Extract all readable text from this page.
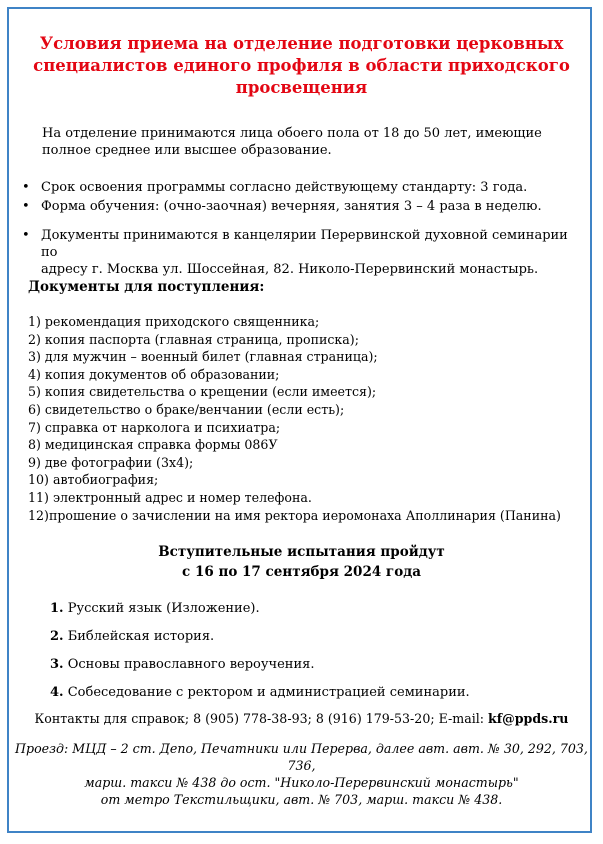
Условия приема на отделение подготовки церковных
специалистов единого профиля в области приходского
просвещения
На отделение принимаются лица обоего пола от 18 до 50 лет, имеющие
полное среднее или высшее образование.
• Срок освоения программы согласно действующему стандарту: 3 года.
• Форма обучения: (очно-заочная) вечерняя, занятия 3 – 4 раза в неделю.
• Документы принимаются в канцелярии Перервинской духовной семинарии по
адресу г. Москва ул. Шоссейная, 82. Николо-Перервинский монастырь.
Документы для поступления:
1) рекомендация приходского священника;
2) копия паспорта (главная страница, прописка);
3) для мужчин – военный билет (главная страница);
4) копия документов об образовании;
5) копия свидетельства о крещении (если имеется);
6) свидетельство о браке/венчании (если есть);
7) справка от нарколога и психиатра;
8) медицинская справка формы 086У
9) две фотографии (3х4);
10) автобиография;
11) электронный адрес и номер телефона.
12)прошение о зачислении на имя ректора иеромонаха Аполлинария (Панина)
Вступительные испытания пройдут
с 16 по 17 сентября 2024 года
1. Русский язык (Изложение).
2. Библейская история.
3. Основы православного вероучения.
4. Собеседование с ректором и администрацией семинарии.
Контакты для справок; 8 (905) 778-38-93; 8 (916) 179-53-20; E-mail: kf@ppds.ru
Проезд: МЦД – 2 ст. Депо, Печатники или Перерва, далее авт. авт. № 30, 292, 703, 736,
марш. такси № 438 до ост. "Николо-Перервинский монастырь"
от метро Текстильщики, авт. № 703, марш. такси № 438.
